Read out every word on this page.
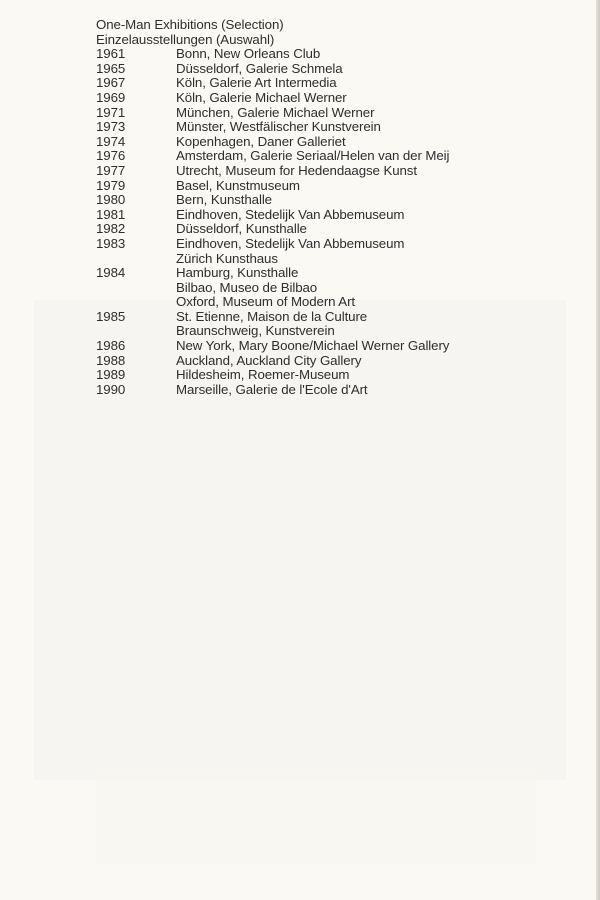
One-Man Exhibitions (Selection)
Einzelausstellungen (Auswahl)
1961	Bonn, New Orleans Club
1965	Düsseldorf, Galerie Schmela
1967	Köln, Galerie Art Intermedia
1969	Köln, Galerie Michael Werner
1971	München, Galerie Michael Werner
1973	Münster, Westfälischer Kunstverein
1974	Kopenhagen, Daner Galleriet
1976	Amsterdam, Galerie Seriaal/Helen van der Meij
1977	Utrecht, Museum for Hedendaagse Kunst
1979	Basel, Kunstmuseum
1980	Bern, Kunsthalle
1981	Eindhoven, Stedelijk Van Abbemuseum
1982	Düsseldorf, Kunsthalle
1983	Eindhoven, Stedelijk Van Abbemuseum
Zürich Kunsthaus
1984	Hamburg, Kunsthalle
Bilbao, Museo de Bilbao
Oxford, Museum of Modern Art
1985	St. Etienne, Maison de la Culture
Braunschweig, Kunstverein
1986	New York, Mary Boone/Michael Werner Gallery
1988	Auckland, Auckland City Gallery
1989	Hildesheim, Roemer-Museum
1990	Marseille, Galerie de l'Ecole d'Art
